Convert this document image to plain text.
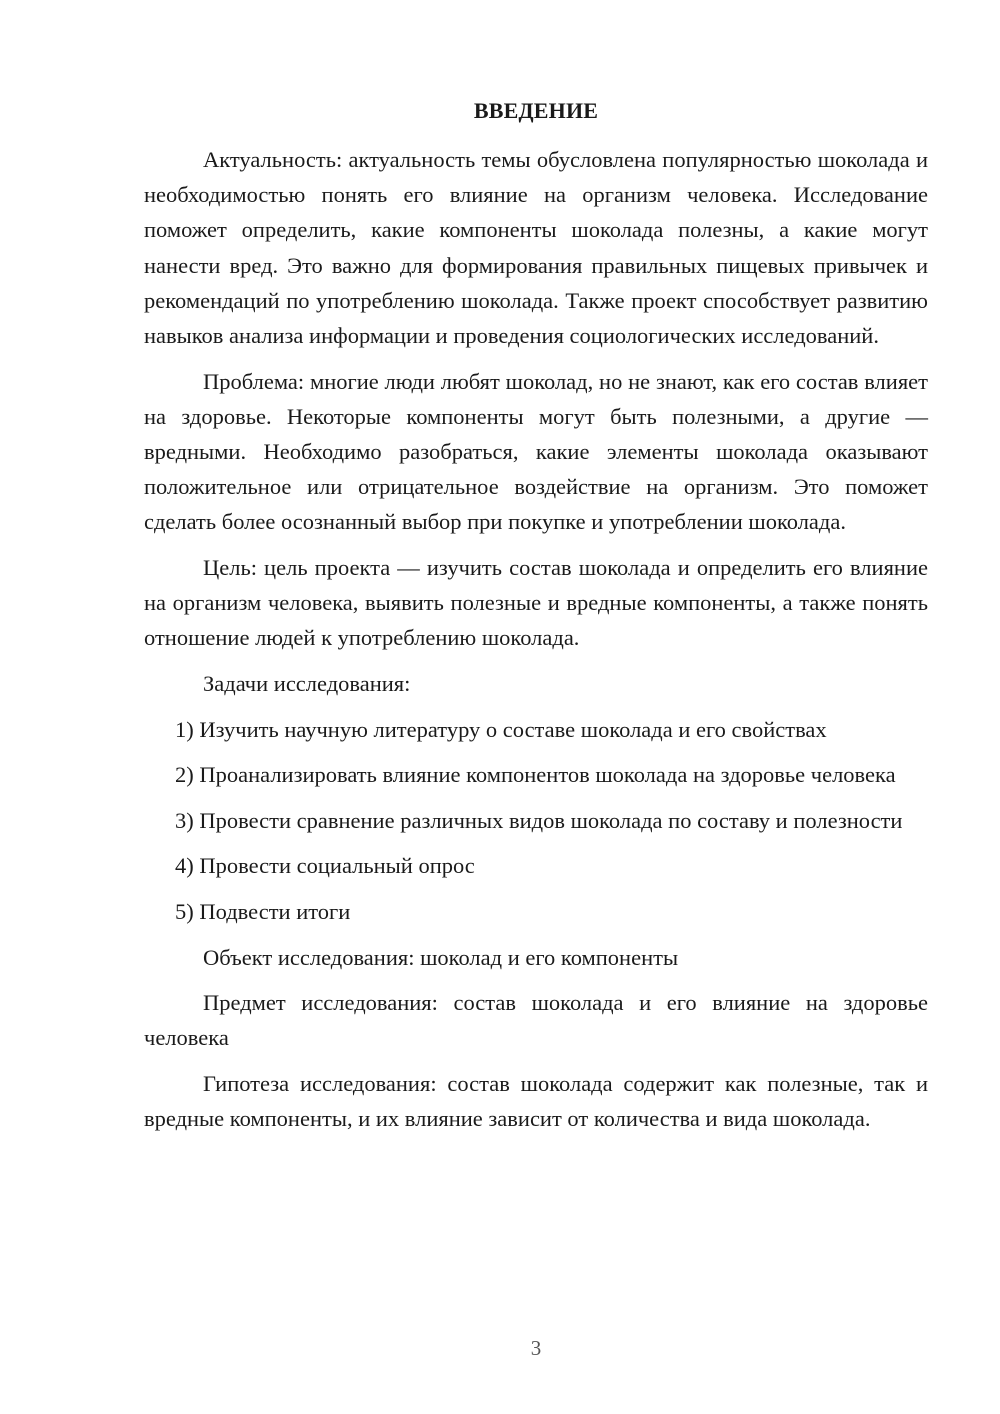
ВВЕДЕНИЕ

Актуальность: актуальность темы обусловлена популярностью шоколада и необходимостью понять его влияние на организм человека. Исследование поможет определить, какие компоненты шоколада полезны, а какие могут нанести вред. Это важно для формирования правильных пищевых привычек и рекомендаций по употреблению шоколада. Также проект способствует развитию навыков анализа информации и проведения социологических исследований.

Проблема: многие люди любят шоколад, но не знают, как его состав влияет на здоровье. Некоторые компоненты могут быть полезными, а другие — вредными. Необходимо разобраться, какие элементы шоколада оказывают положительное или отрицательное воздействие на организм. Это поможет сделать более осознанный выбор при покупке и употреблении шоколада.

Цель: цель проекта — изучить состав шоколада и определить его влияние на организм человека, выявить полезные и вредные компоненты, а также понять отношение людей к употреблению шоколада.

Задачи исследования:

1) Изучить научную литературу о составе шоколада и его свойствах

2) Проанализировать влияние компонентов шоколада на здоровье человека

3) Провести сравнение различных видов шоколада по составу и полезности

4) Провести социальный опрос

5) Подвести итоги

Объект исследования: шоколад и его компоненты

Предмет исследования: состав шоколада и его влияние на здоровье человека

Гипотеза исследования: состав шоколада содержит как полезные, так и вредные компоненты, и их влияние зависит от количества и вида шоколада.

3
